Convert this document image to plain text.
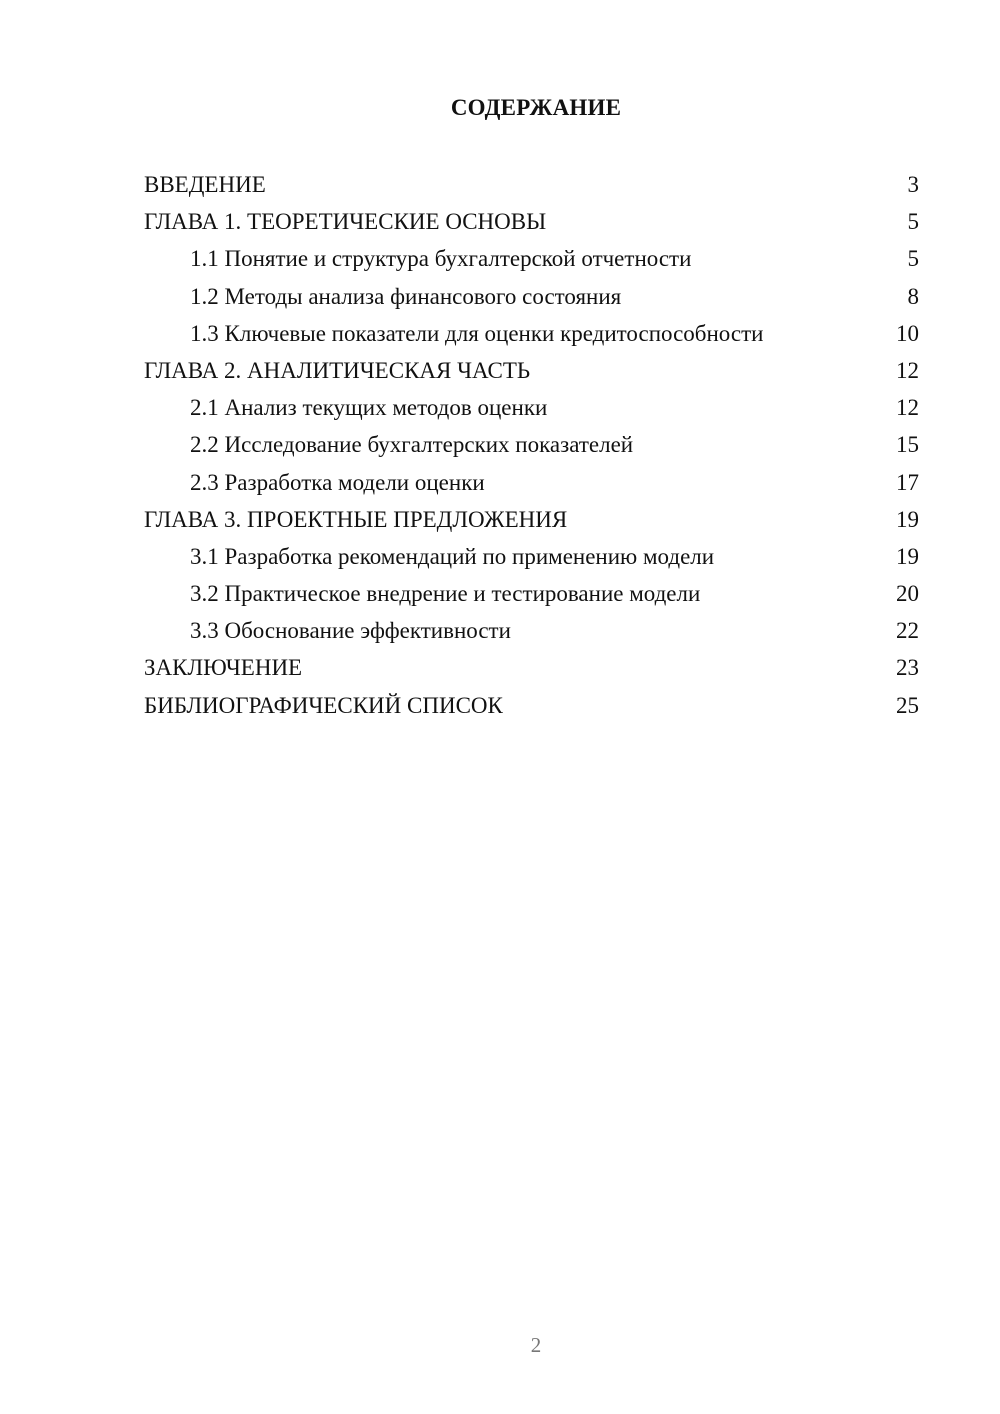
СОДЕРЖАНИЕ
ВВЕДЕНИЕ	3
ГЛАВА 1. ТЕОРЕТИЧЕСКИЕ ОСНОВЫ	5
1.1 Понятие и структура бухгалтерской отчетности	5
1.2 Методы анализа финансового состояния	8
1.3 Ключевые показатели для оценки кредитоспособности	10
ГЛАВА 2. АНАЛИТИЧЕСКАЯ ЧАСТЬ	12
2.1 Анализ текущих методов оценки	12
2.2 Исследование бухгалтерских показателей	15
2.3 Разработка модели оценки	17
ГЛАВА 3. ПРОЕКТНЫЕ ПРЕДЛОЖЕНИЯ	19
3.1 Разработка рекомендаций по применению модели	19
3.2 Практическое внедрение и тестирование модели	20
3.3 Обоснование эффективности	22
ЗАКЛЮЧЕНИЕ	23
БИБЛИОГРАФИЧЕСКИЙ СПИСОК	25
2
